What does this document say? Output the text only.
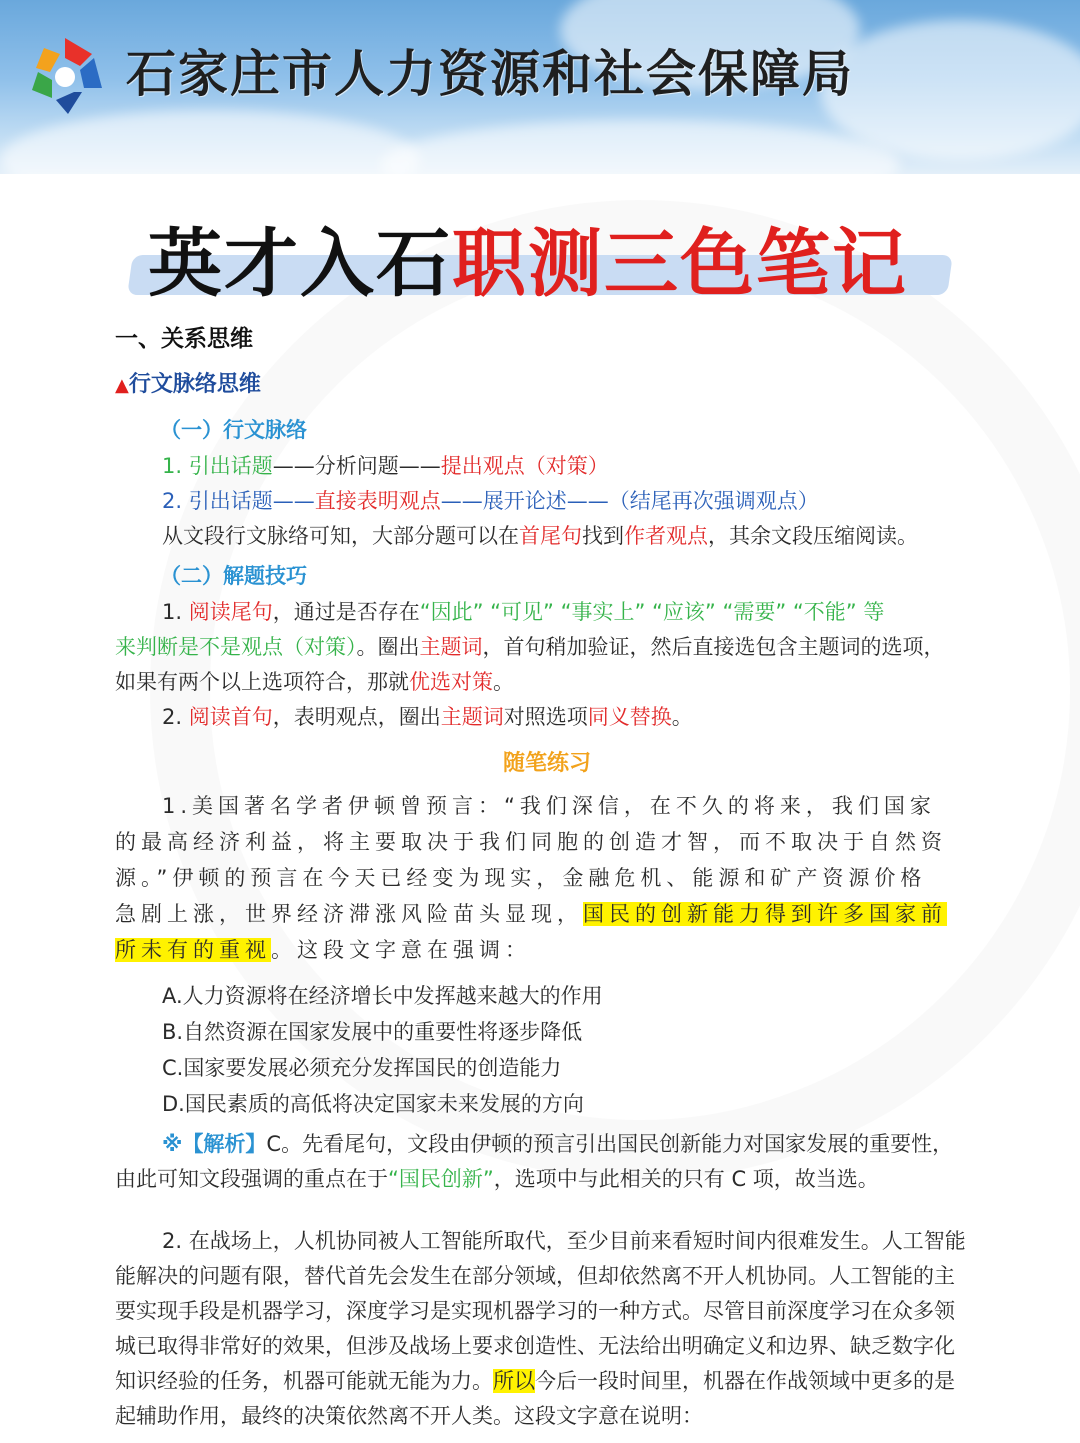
石家庄市人力资源和社会保障局
英才入石职测三色笔记
一、关系思维
▲行文脉络思维
（一）行文脉络
1. 引出话题——分析问题——提出观点（对策）
2. 引出话题——直接表明观点——展开论述——（结尾再次强调观点）
从文段行文脉络可知，大部分题可以在首尾句找到作者观点，其余文段压缩阅读。
（二）解题技巧
1. 阅读尾句，通过是否存在“因此” “可见” “事实上” “应该” “需要” “不能” 等
来判断是不是观点（对策）。圈出主题词，首句稍加验证，然后直接选包含主题词的选项，
如果有两个以上选项符合，那就优选对策。
2. 阅读首句，表明观点，圈出主题词对照选项同义替换。
随笔练习
1.美国著名学者伊顿曾预言：“我们深信，在不久的将来，我们国家
的最高经济利益，将主要取决于我们同胞的创造才智，而不取决于自然资
源。”伊顿的预言在今天已经变为现实，金融危机、能源和矿产资源价格
急剧上涨，世界经济滞涨风险苗头显现，国民的创新能力得到许多国家前
所未有的重视。这段文字意在强调：
A.人力资源将在经济增长中发挥越来越大的作用
B.自然资源在国家发展中的重要性将逐步降低
C.国家要发展必须充分发挥国民的创造能力
D.国民素质的高低将决定国家未来发展的方向
※【解析】C。先看尾句，文段由伊顿的预言引出国民创新能力对国家发展的重要性，
由此可知文段强调的重点在于“国民创新”，选项中与此相关的只有 C 项，故当选。
2. 在战场上，人机协同被人工智能所取代，至少目前来看短时间内很难发生。人工智能
能解决的问题有限，替代首先会发生在部分领域，但却依然离不开人机协同。人工智能的主
要实现手段是机器学习，深度学习是实现机器学习的一种方式。尽管目前深度学习在众多领
城已取得非常好的效果，但涉及战场上要求创造性、无法给出明确定义和边界、缺乏数字化
知识经验的任务，机器可能就无能为力。所以今后一段时间里，机器在作战领域中更多的是
起辅助作用，最终的决策依然离不开人类。这段文字意在说明：
